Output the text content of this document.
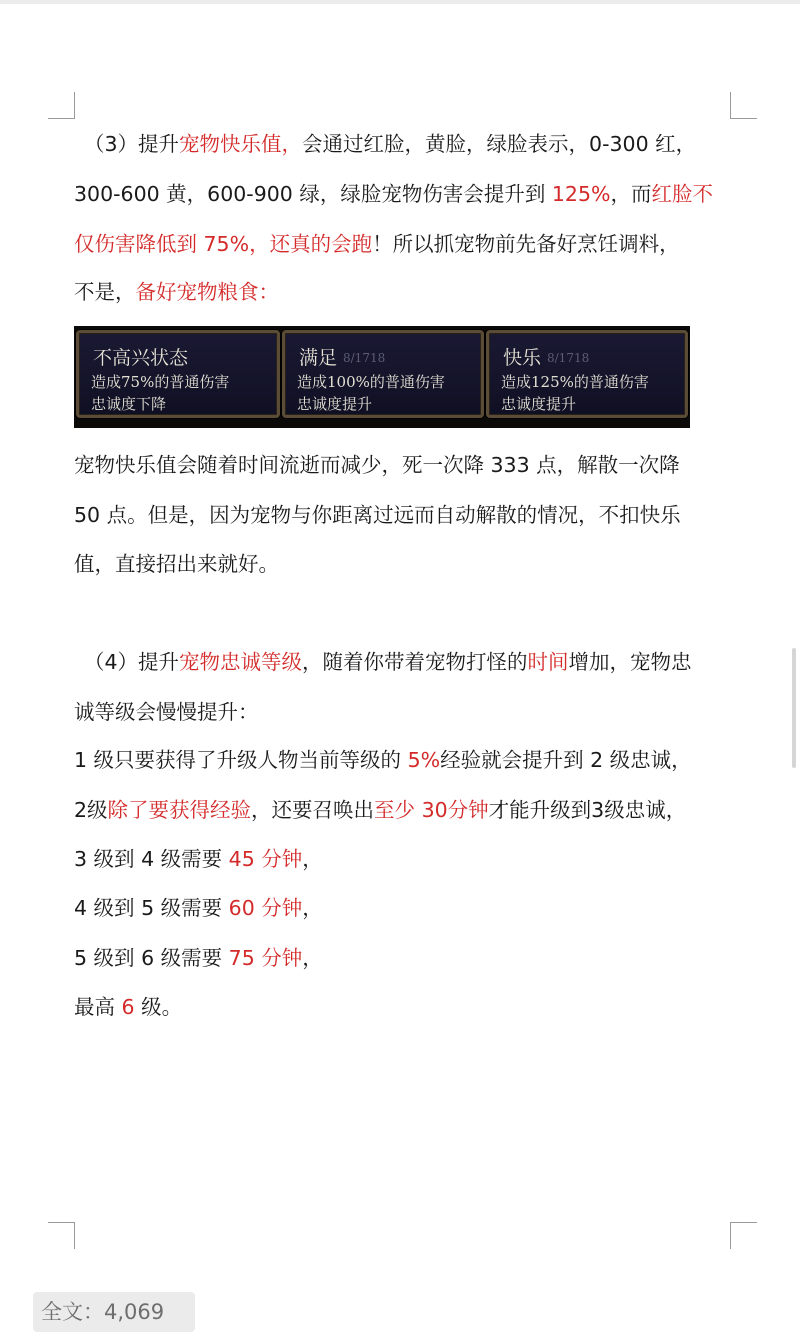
（3）提升宠物快乐值，会通过红脸，黄脸，绿脸表示，0-300 红，
300-600 黄，600-900 绿，绿脸宠物伤害会提升到 125%，而红脸不
仅伤害降低到 75%，还真的会跑！所以抓宠物前先备好烹饪调料，
不是，备好宠物粮食：
不高兴状态
造成75%的普通伤害
忠诚度下降
满足 8/1718
造成100%的普通伤害
忠诚度提升
快乐 8/1718
造成125%的普通伤害
忠诚度提升
宠物快乐值会随着时间流逝而减少，死一次降 333 点，解散一次降
50 点。但是，因为宠物与你距离过远而自动解散的情况，不扣快乐
值，直接招出来就好。
（4）提升宠物忠诚等级，随着你带着宠物打怪的时间增加，宠物忠
诚等级会慢慢提升：
1 级只要获得了升级人物当前等级的 5%经验就会提升到 2 级忠诚，
2级除了要获得经验，还要召唤出至少 30分钟才能升级到3级忠诚，
3 级到 4 级需要 45 分钟，
4 级到 5 级需要 60 分钟，
5 级到 6 级需要 75 分钟，
最高 6 级。
全文：4,069
